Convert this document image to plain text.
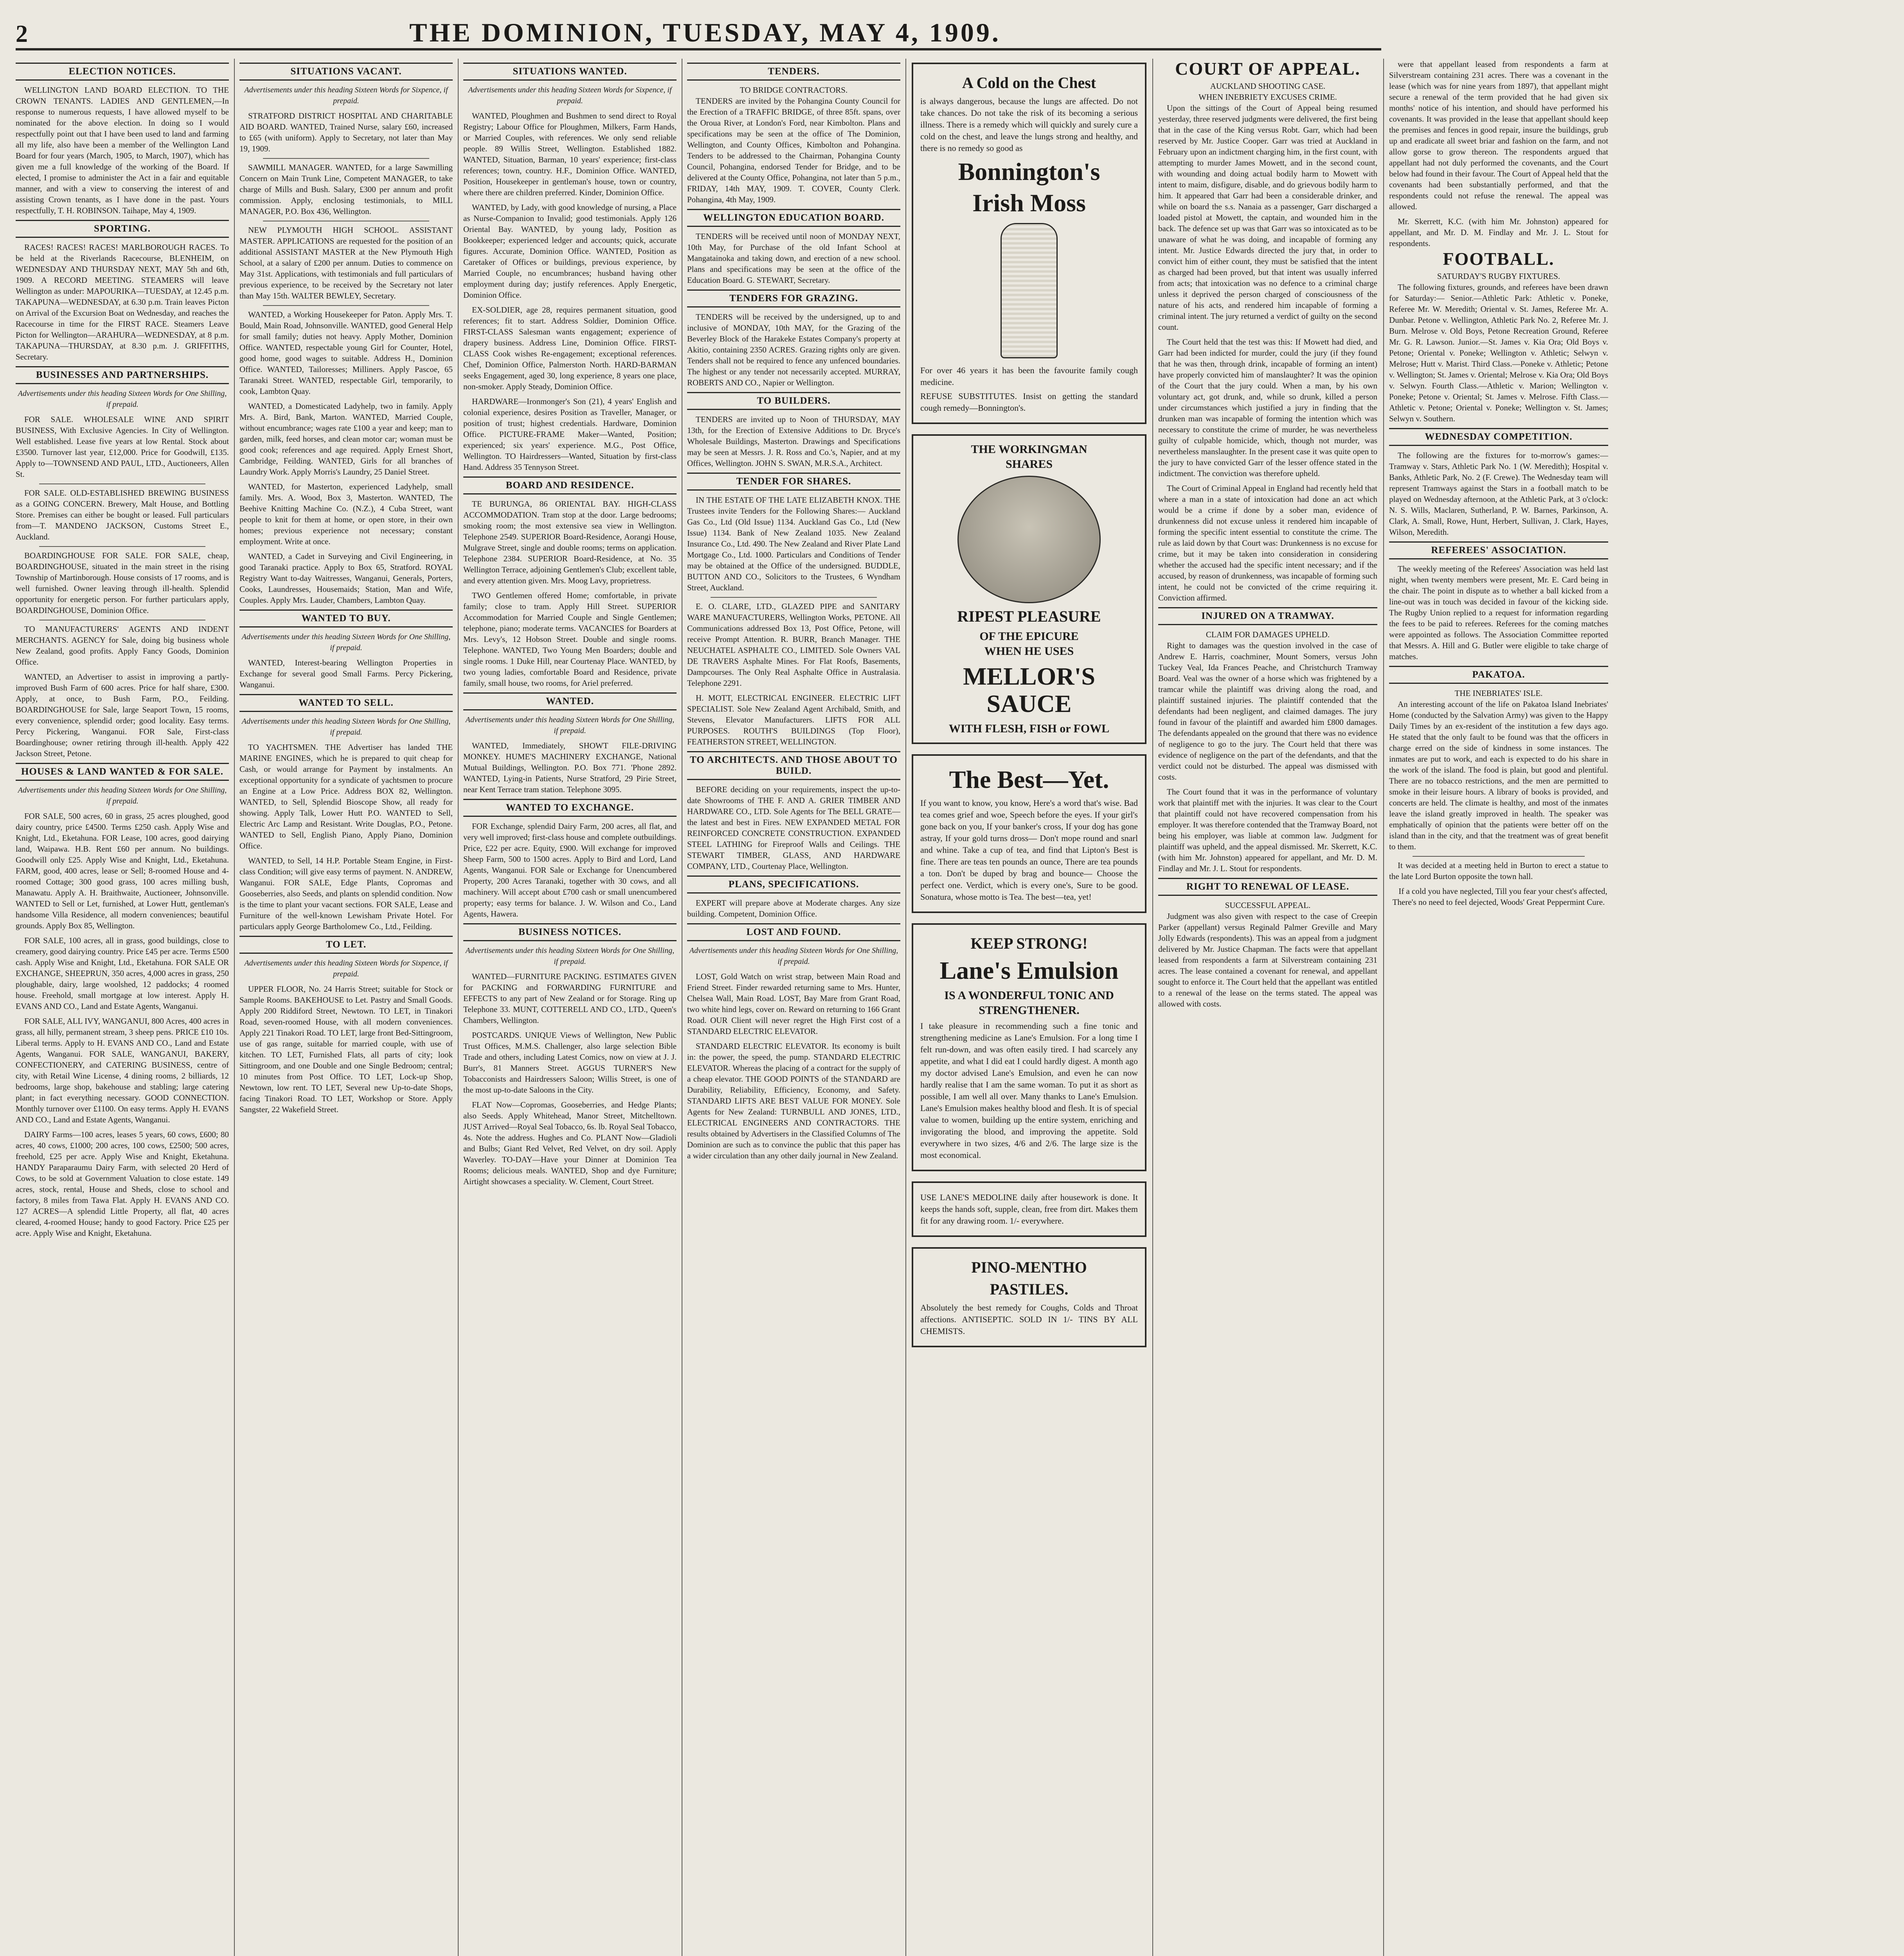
2	THE DOMINION, TUESDAY, MAY 4, 1909.
ELECTION NOTICES.

WELLINGTON LAND BOARD ELECTION. TO THE CROWN TENANTS. LADIES AND GENTLEMEN,—In response to numerous requests, I have allowed myself to be nominated for the above election. In doing so I would respectfully point out that I have been used to land and farming all my life, also have been a member of the Wellington Land Board for four years (March, 1905, to March, 1907), which has given me a full knowledge of the working of the Board. If elected, I promise to administer the Act in a fair and equitable manner, and with a view to conserving the interest of and assisting Crown tenants, as I have done in the past. Yours respectfully, T. H. ROBINSON. Taihape, May 4, 1909.

SPORTING.

RACES! RACES! RACES! MARLBOROUGH RACES. To be held at the Riverlands Racecourse, BLENHEIM, on WEDNESDAY AND THURSDAY NEXT, MAY 5th and 6th, 1909. A RECORD MEETING. STEAMERS will leave Wellington as under: MAPOURIKA—TUESDAY, at 12.45 p.m. TAKAPUNA—WEDNESDAY, at 6.30 p.m. Train leaves Picton on Arrival of the Excursion Boat on Wednesday, and reaches the Racecourse in time for the FIRST RACE. Steamers Leave Picton for Wellington—ARAHURA—WEDNESDAY, at 8 p.m. TAKAPUNA—THURSDAY, at 8.30 p.m. J. GRIFFITHS, Secretary.

BUSINESSES AND PARTNERSHIPS.
Advertisements under this heading Sixteen Words for One Shilling, if prepaid.

FOR SALE. WHOLESALE WINE AND SPIRIT BUSINESS, With Exclusive Agencies. In City of Wellington. Well established. Lease five years at low Rental. Stock about £3500. Turnover last year, £12,000. Price for Goodwill, £135. Apply to—TOWNSEND AND PAUL, LTD., Auctioneers, Allen St.

FOR SALE. OLD-ESTABLISHED BREWING BUSINESS as a GOING CONCERN. Brewery, Malt House, and Bottling Store. Premises can either be bought or leased. Full particulars from—T. MANDENO JACKSON, Customs Street E., Auckland.

BOARDINGHOUSE FOR SALE. FOR SALE, cheap, BOARDINGHOUSE, situated in the main street in the rising Township of Martinborough. House consists of 17 rooms, and is well furnished. Owner leaving through ill-health. Splendid opportunity for energetic person. For further particulars apply, BOARDINGHOUSE, Dominion Office.

TO MANUFACTURERS' AGENTS AND INDENT MERCHANTS. AGENCY for Sale, doing big business whole New Zealand, good profits. Apply Fancy Goods, Dominion Office.

WANTED, an Advertiser to assist in improving a partly-improved Bush Farm of 600 acres. Price for half share, £300. Apply, at once, to Bush Farm, P.O., Feilding. BOARDINGHOUSE for Sale, large Seaport Town, 15 rooms, every convenience, splendid order; good locality. Easy terms. Percy Pickering, Wanganui. FOR Sale, First-class Boardinghouse; owner retiring through ill-health. Apply 422 Jackson Street, Petone.

HOUSES & LAND WANTED & FOR SALE.
Advertisements under this heading Sixteen Words for One Shilling, if prepaid.

FOR SALE, 500 acres, 60 in grass, 25 acres ploughed, good dairy country, price £4500. Terms £250 cash. Apply Wise and Knight, Ltd., Eketahuna. FOR Lease, 100 acres, good dairying land, Waipawa. H.B. Rent £60 per annum. No buildings. Goodwill only £25. Apply Wise and Knight, Ltd., Eketahuna. FARM, good, 400 acres, lease or Sell; 8-roomed House and 4-roomed Cottage; 300 good grass, 100 acres milling bush, Manawatu. Apply A. H. Braithwaite, Auctioneer, Johnsonville. WANTED to Sell or Let, furnished, at Lower Hutt, gentleman's handsome Villa Residence, all modern conveniences; beautiful grounds. Apply Box 85, Wellington.

FOR SALE, 100 acres, all in grass, good buildings, close to creamery, good dairying country. Price £45 per acre. Terms £500 cash. Apply Wise and Knight, Ltd., Eketahuna. FOR SALE OR EXCHANGE, SHEEPRUN, 350 acres, 4,000 acres in grass, 250 ploughable, dairy, large woolshed, 12 paddocks; 4 roomed house. Freehold, small mortgage at low interest. Apply H. EVANS AND CO., Land and Estate Agents, Wanganui.

FOR SALE, ALL IVY, WANGANUI, 800 Acres, 400 acres in grass, all hilly, permanent stream, 3 sheep pens. PRICE £10 10s. Liberal terms. Apply to H. EVANS AND CO., Land and Estate Agents, Wanganui. FOR SALE, WANGANUI, BAKERY, CONFECTIONERY, and CATERING BUSINESS, centre of city, with Retail Wine License, 4 dining rooms, 2 billiards, 12 bedrooms, large shop, bakehouse and stabling; large catering plant; in fact everything necessary. GOOD CONNECTION. Monthly turnover over £1100. On easy terms. Apply H. EVANS AND CO., Land and Estate Agents, Wanganui.

DAIRY Farms—100 acres, leases 5 years, 60 cows, £600; 80 acres, 40 cows, £1000; 200 acres, 100 cows, £2500; 500 acres, freehold, £25 per acre. Apply Wise and Knight, Eketahuna. HANDY Paraparaumu Dairy Farm, with selected 20 Herd of Cows, to be sold at Government Valuation to close estate. 149 acres, stock, rental, House and Sheds, close to school and factory, 8 miles from Tawa Flat. Apply H. EVANS AND CO. 127 ACRES—A splendid Little Property, all flat, 40 acres cleared, 4-roomed House; handy to good Factory. Price £25 per acre. Apply Wise and Knight, Eketahuna.

SITUATIONS VACANT.
Advertisements under this heading Sixteen Words for Sixpence, if prepaid.

STRATFORD DISTRICT HOSPITAL AND CHARITABLE AID BOARD. WANTED, Trained Nurse, salary £60, increased to £65 (with uniform). Apply to Secretary, not later than May 19, 1909.

SAWMILL MANAGER. WANTED, for a large Sawmilling Concern on Main Trunk Line, Competent MANAGER, to take charge of Mills and Bush. Salary, £300 per annum and profit commission. Apply, enclosing testimonials, to MILL MANAGER, P.O. Box 436, Wellington.

NEW PLYMOUTH HIGH SCHOOL. ASSISTANT MASTER. APPLICATIONS are requested for the position of an additional ASSISTANT MASTER at the New Plymouth High School, at a salary of £200 per annum. Duties to commence on May 31st. Applications, with testimonials and full particulars of previous experience, to be received by the Secretary not later than May 15th. WALTER BEWLEY, Secretary.

WANTED, a Working Housekeeper for Paton. Apply Mrs. T. Bould, Main Road, Johnsonville. WANTED, good General Help for small family; duties not heavy. Apply Mother, Dominion Office. WANTED, respectable young Girl for Counter, Hotel, good home, good wages to suitable. Address H., Dominion Office. WANTED, Tailoresses; Milliners. Apply Pascoe, 65 Taranaki Street. WANTED, respectable Girl, temporarily, to cook, Lambton Quay.

WANTED, a Domesticated Ladyhelp, two in family. Apply Mrs. A. Bird, Bank, Marton. WANTED, Married Couple, without encumbrance; wages rate £100 a year and keep; man to garden, milk, feed horses, and clean motor car; woman must be good cook; references and age required. Apply Ernest Short, Cambridge, Feilding. WANTED, Girls for all branches of Laundry Work. Apply Morris's Laundry, 25 Daniel Street.

WANTED, for Masterton, experienced Ladyhelp, small family. Mrs. A. Wood, Box 3, Masterton. WANTED, The Beehive Knitting Machine Co. (N.Z.), 4 Cuba Street, want people to knit for them at home, or open store, in their own homes; previous experience not necessary; constant employment. Write at once.

WANTED, a Cadet in Surveying and Civil Engineering, in good Taranaki practice. Apply to Box 65, Stratford. ROYAL Registry Want to-day Waitresses, Wanganui, Generals, Porters, Cooks, Laundresses, Housemaids; Station, Man and Wife, Couples. Apply Mrs. Lauder, Chambers, Lambton Quay.

WANTED TO BUY.
Advertisements under this heading Sixteen Words for One Shilling, if prepaid.

WANTED, Interest-bearing Wellington Properties in Exchange for several good Small Farms. Percy Pickering, Wanganui.

WANTED TO SELL.
Advertisements under this heading Sixteen Words for One Shilling, if prepaid.

TO YACHTSMEN. THE Advertiser has landed THE MARINE ENGINES, which he is prepared to quit cheap for Cash, or would arrange for Payment by instalments. An exceptional opportunity for a syndicate of yachtsmen to procure an Engine at a Low Price. Address BOX 82, Wellington. WANTED, to Sell, Splendid Bioscope Show, all ready for showing. Apply Talk, Lower Hutt P.O. WANTED to Sell, Electric Arc Lamp and Resistant. Write Douglas, P.O., Petone. WANTED to Sell, English Piano, Apply Piano, Dominion Office.

WANTED, to Sell, 14 H.P. Portable Steam Engine, in First-class Condition; will give easy terms of payment. N. ANDREW, Wanganui. FOR SALE, Edge Plants, Copromas and Gooseberries, also Seeds, and plants on splendid condition. Now is the time to plant your vacant sections. FOR SALE, Lease and Furniture of the well-known Lewisham Private Hotel. For particulars apply George Bartholomew Co., Ltd., Feilding.

TO LET.
Advertisements under this heading Sixteen Words for Sixpence, if prepaid.

UPPER FLOOR, No. 24 Harris Street; suitable for Stock or Sample Rooms. BAKEHOUSE to Let. Pastry and Small Goods. Apply 200 Riddiford Street, Newtown. TO LET, in Tinakori Road, seven-roomed House, with all modern conveniences. Apply 221 Tinakori Road. TO LET, large front Bed-Sittingroom, use of gas range, suitable for married couple, with use of kitchen. TO LET, Furnished Flats, all parts of city; look Sittingroom, and one Double and one Single Bedroom; central; 10 minutes from Post Office. TO LET, Lock-up Shop, Newtown, low rent. TO LET, Several new Up-to-date Shops, facing Tinakori Road. TO LET, Workshop or Store. Apply Sangster, 22 Wakefield Street.

SITUATIONS WANTED.
Advertisements under this heading Sixteen Words for Sixpence, if prepaid.

WANTED, Ploughmen and Bushmen to send direct to Royal Registry; Labour Office for Ploughmen, Milkers, Farm Hands, or Married Couples, with references. We only send reliable people. 89 Willis Street, Wellington. Established 1882. WANTED, Situation, Barman, 10 years' experience; first-class references; town, country. H.F., Dominion Office. WANTED, Position, Housekeeper in gentleman's house, town or country, where there are children preferred. Kinder, Dominion Office.

WANTED, by Lady, with good knowledge of nursing, a Place as Nurse-Companion to Invalid; good testimonials. Apply 126 Oriental Bay. WANTED, by young lady, Position as Bookkeeper; experienced ledger and accounts; quick, accurate figures. Accurate, Dominion Office. WANTED, Position as Caretaker of Offices or buildings, previous experience, by Married Couple, no encumbrances; husband having other employment during day; justify references. Apply Energetic, Dominion Office.

EX-SOLDIER, age 28, requires permanent situation, good references; fit to start. Address Soldier, Dominion Office. FIRST-CLASS Salesman wants engagement; experience of drapery business. Address Line, Dominion Office. FIRST-CLASS Cook wishes Re-engagement; exceptional references. Chef, Dominion Office, Palmerston North. HARD-BARMAN seeks Engagement, aged 30, long experience, 8 years one place, non-smoker. Apply Steady, Dominion Office.

HARDWARE—Ironmonger's Son (21), 4 years' English and colonial experience, desires Position as Traveller, Manager, or position of trust; highest credentials. Hardware, Dominion Office. PICTURE-FRAME Maker—Wanted, Position; experienced; six years' experience. M.G., Post Office, Wellington. TO Hairdressers—Wanted, Situation by first-class Hand. Address 35 Tennyson Street.

BOARD AND RESIDENCE.

TE BURUNGA, 86 ORIENTAL BAY. HIGH-CLASS ACCOMMODATION. Tram stop at the door. Large bedrooms; smoking room; the most extensive sea view in Wellington. Telephone 2549. SUPERIOR Board-Residence, Aorangi House, Mulgrave Street, single and double rooms; terms on application. Telephone 2384. SUPERIOR Board-Residence, at No. 35 Wellington Terrace, adjoining Gentlemen's Club; excellent table, and every attention given. Mrs. Moog Lavy, proprietress.

TWO Gentlemen offered Home; comfortable, in private family; close to tram. Apply Hill Street. SUPERIOR Accommodation for Married Couple and Single Gentlemen; telephone, piano; moderate terms. VACANCIES for Boarders at Mrs. Levy's, 12 Hobson Street. Double and single rooms. Telephone. WANTED, Two Young Men Boarders; double and single rooms. 1 Duke Hill, near Courtenay Place. WANTED, by two young ladies, comfortable Board and Residence, private family, small house, two rooms, for Ariel preferred.

WANTED.
Advertisements under this heading Sixteen Words for One Shilling, if prepaid.

WANTED, Immediately, SHOWT FILE-DRIVING MONKEY. HUME'S MACHINERY EXCHANGE, National Mutual Buildings, Wellington. P.O. Box 771. 'Phone 2892. WANTED, Lying-in Patients, Nurse Stratford, 29 Pirie Street, near Kent Terrace tram station. Telephone 3095.

WANTED TO EXCHANGE.

FOR Exchange, splendid Dairy Farm, 200 acres, all flat, and very well improved; first-class house and complete outbuildings. Price, £22 per acre. Equity, £900. Will exchange for improved Sheep Farm, 500 to 1500 acres. Apply to Bird and Lord, Land Agents, Wanganui. FOR Sale or Exchange for Unencumbered Property, 200 Acres Taranaki, together with 30 cows, and all machinery. Will accept about £700 cash or small unencumbered property; easy terms for balance. J. W. Wilson and Co., Land Agents, Hawera.

BUSINESS NOTICES.
Advertisements under this heading Sixteen Words for One Shilling, if prepaid.

WANTED—FURNITURE PACKING. ESTIMATES GIVEN for PACKING and FORWARDING FURNITURE and EFFECTS to any part of New Zealand or for Storage. Ring up Telephone 33. MUNT, COTTERELL AND CO., LTD., Queen's Chambers, Wellington.

POSTCARDS. UNIQUE Views of Wellington, New Public Trust Offices, M.M.S. Challenger, also large selection Bible Trade and others, including Latest Comics, now on view at J. J. Burr's, 81 Manners Street. AGGUS TURNER'S New Tobacconists and Hairdressers Saloon; Willis Street, is one of the most up-to-date Saloons in the City.

FLAT Now—Copromas, Gooseberries, and Hedge Plants; also Seeds. Apply Whitehead, Manor Street, Mitchelltown. JUST Arrived—Royal Seal Tobacco, 6s. lb. Royal Seal Tobacco, 4s. Note the address. Hughes and Co. PLANT Now—Gladioli and Bulbs; Giant Red Velvet, Red Velvet, on dry soil. Apply Waverley. TO-DAY—Have your Dinner at Dominion Tea Rooms; delicious meals. WANTED, Shop and dye Furniture; Airtight showcases a speciality. W. Clement, Court Street.

TENDERS.
TO BRIDGE CONTRACTORS.

TENDERS are invited by the Pohangina County Council for the Erection of a TRAFFIC BRIDGE, of three 85ft. spans, over the Oroua River, at London's Ford, near Kimbolton. Plans and specifications may be seen at the office of The Dominion, Wellington, and County Offices, Kimbolton and Pohangina. Tenders to be addressed to the Chairman, Pohangina County Council, Pohangina, endorsed Tender for Bridge, and to be delivered at the County Office, Pohangina, not later than 5 p.m., FRIDAY, 14th MAY, 1909. T. COVER, County Clerk. Pohangina, 4th May, 1909.

WELLINGTON EDUCATION BOARD.

TENDERS will be received until noon of MONDAY NEXT, 10th May, for Purchase of the old Infant School at Mangatainoka and taking down, and erection of a new school. Plans and specifications may be seen at the office of the Education Board. G. STEWART, Secretary.

TENDERS FOR GRAZING.

TENDERS will be received by the undersigned, up to and inclusive of MONDAY, 10th MAY, for the Grazing of the Beverley Block of the Harakeke Estates Company's property at Akitio, containing 2350 ACRES. Grazing rights only are given. Tenders shall not be required to fence any unfenced boundaries. The highest or any tender not necessarily accepted. MURRAY, ROBERTS AND CO., Napier or Wellington.

TO BUILDERS.

TENDERS are invited up to Noon of THURSDAY, MAY 13th, for the Erection of Extensive Additions to Dr. Bryce's Wholesale Buildings, Masterton. Drawings and Specifications may be seen at Messrs. J. R. Ross and Co.'s, Napier, and at my Offices, Wellington. JOHN S. SWAN, M.R.S.A., Architect.

TENDER FOR SHARES.

IN THE ESTATE OF THE LATE ELIZABETH KNOX. THE Trustees invite Tenders for the Following Shares:— Auckland Gas Co., Ltd (Old Issue) 1134. Auckland Gas Co., Ltd (New Issue) 1134. Bank of New Zealand 1035. New Zealand Insurance Co., Ltd. 490. The New Zealand and River Plate Land Mortgage Co., Ltd. 1000. Particulars and Conditions of Tender may be obtained at the Office of the undersigned. BUDDLE, BUTTON AND CO., Solicitors to the Trustees, 6 Wyndham Street, Auckland.

E. O. CLARE, LTD., GLAZED PIPE and SANITARY WARE MANUFACTURERS, Wellington Works, PETONE. All Communications addressed Box 13, Post Office, Petone, will receive Prompt Attention. R. BURR, Branch Manager. THE NEUCHATEL ASPHALTE CO., LIMITED. Sole Owners VAL DE TRAVERS Asphalte Mines. For Flat Roofs, Basements, Dampcourses. The Only Real Asphalte Office in Australasia. Telephone 2291.

H. MOTT, ELECTRICAL ENGINEER. ELECTRIC LIFT SPECIALIST. Sole New Zealand Agent Archibald, Smith, and Stevens, Elevator Manufacturers. LIFTS FOR ALL PURPOSES. ROUTH'S BUILDINGS (Top Floor), FEATHERSTON STREET, WELLINGTON.

TO ARCHITECTS. AND THOSE ABOUT TO BUILD.

BEFORE deciding on your requirements, inspect the up-to-date Showrooms of THE F. AND A. GRIER TIMBER AND HARDWARE CO., LTD. Sole Agents for The BELL GRATE—the latest and best in Fires. NEW EXPANDED METAL FOR REINFORCED CONCRETE CONSTRUCTION. EXPANDED STEEL LATHING for Fireproof Walls and Ceilings. THE STEWART TIMBER, GLASS, AND HARDWARE COMPANY, LTD., Courtenay Place, Wellington.

PLANS, SPECIFICATIONS.

EXPERT will prepare above at Moderate charges. Any size building. Competent, Dominion Office.

LOST AND FOUND.
Advertisements under this heading Sixteen Words for One Shilling, if prepaid.

LOST, Gold Watch on wrist strap, between Main Road and Friend Street. Finder rewarded returning same to Mrs. Hunter, Chelsea Wall, Main Road. LOST, Bay Mare from Grant Road, two white hind legs, cover on. Reward on returning to 166 Grant Road. OUR Client will never regret the High First cost of a STANDARD ELECTRIC ELEVATOR.

STANDARD ELECTRIC ELEVATOR. Its economy is built in: the power, the speed, the pump. STANDARD ELECTRIC ELEVATOR. Whereas the placing of a contract for the supply of a cheap elevator. THE GOOD POINTS of the STANDARD are Durability, Reliability, Efficiency, Economy, and Safety. STANDARD LIFTS ARE BEST VALUE FOR MONEY. Sole Agents for New Zealand: TURNBULL AND JONES, LTD., ELECTRICAL ENGINEERS AND CONTRACTORS. THE results obtained by Advertisers in the Classified Columns of The Dominion are such as to convince the public that this paper has a wider circulation than any other daily journal in New Zealand.

A Cold on the Chest

is always dangerous, because the lungs are affected. Do not take chances. Do not take the risk of its becoming a serious illness. There is a remedy which will quickly and surely cure a cold on the chest, and leave the lungs strong and healthy, and there is no remedy so good as

Bonnington's
Irish Moss

For over 46 years it has been the favourite family cough medicine.

REFUSE SUBSTITUTES. Insist on getting the standard cough remedy—Bonnington's.

THE WORKINGMAN
SHARES
RIPEST PLEASURE
OF THE EPICURE
WHEN HE USES
MELLOR'S SAUCE
WITH FLESH, FISH or FOWL
The Best—Yet.

If you want to know, you know, Here's a word that's wise. Bad tea comes grief and woe, Speech before the eyes. If your girl's gone back on you, If your banker's cross, If your dog has gone astray, If your gold turns dross— Don't mope round and snarl and whine. Take a cup of tea, and find that Lipton's Best is fine. There are teas ten pounds an ounce, There are tea pounds a ton. Don't be duped by brag and bounce— Choose the perfect one. Verdict, which is every one's, Sure to be good. Sonatura, whose motto is Tea. The best—tea, yet!

KEEP STRONG!
Lane's Emulsion
IS A WONDERFUL TONIC AND STRENGTHENER.

I take pleasure in recommending such a fine tonic and strengthening medicine as Lane's Emulsion. For a long time I felt run-down, and was often easily tired. I had scarcely any appetite, and what I did eat I could hardly digest. A month ago my doctor advised Lane's Emulsion, and even he can now hardly realise that I am the same woman. To put it as short as possible, I am well all over. Many thanks to Lane's Emulsion. Lane's Emulsion makes healthy blood and flesh. It is of special value to women, building up the entire system, enriching and invigorating the blood, and improving the appetite. Sold everywhere in two sizes, 4/6 and 2/6. The large size is the most economical.

USE LANE'S MEDOLINE daily after housework is done. It keeps the hands soft, supple, clean, free from dirt. Makes them fit for any drawing room. 1/- everywhere.

PINO-MENTHO
PASTILES.

Absolutely the best remedy for Coughs, Colds and Throat affections. ANTISEPTIC. SOLD IN 1/- TINS BY ALL CHEMISTS.

COURT OF APPEAL.
AUCKLAND SHOOTING CASE.
WHEN INEBRIETY EXCUSES CRIME.

Upon the sittings of the Court of Appeal being resumed yesterday, three reserved judgments were delivered, the first being that in the case of the King versus Robt. Garr, which had been reserved by Mr. Justice Cooper. Garr was tried at Auckland in February upon an indictment charging him, in the first count, with attempting to murder James Mowett, and in the second count, with wounding and doing actual bodily harm to Mowett with intent to maim, disfigure, disable, and do grievous bodily harm to him. It appeared that Garr had been a considerable drinker, and while on board the s.s. Nanaia as a passenger, Garr discharged a loaded pistol at Mowett, the captain, and wounded him in the back. The defence set up was that Garr was so intoxicated as to be unaware of what he was doing, and incapable of forming any intent. Mr. Justice Edwards directed the jury that, in order to convict him of either count, they must be satisfied that the intent as charged had been proved, but that intent was usually inferred from acts; that intoxication was no defence to a criminal charge unless it deprived the person charged of consciousness of the nature of his acts, and rendered him incapable of forming a criminal intent. The jury returned a verdict of guilty on the second count.

The Court held that the test was this: If Mowett had died, and Garr had been indicted for murder, could the jury (if they found that he was then, through drink, incapable of forming an intent) have properly convicted him of manslaughter? It was the opinion of the Court that the jury could. When a man, by his own voluntary act, got drunk, and, while so drunk, killed a person under circumstances which justified a jury in finding that the drunken man was incapable of forming the intention which was necessary to constitute the crime of murder, he was nevertheless guilty of culpable homicide, which, though not murder, was nevertheless manslaughter. In the present case it was quite open to the jury to have convicted Garr of the lesser offence stated in the indictment. The conviction was therefore upheld.

The Court of Criminal Appeal in England had recently held that where a man in a state of intoxication had done an act which would be a crime if done by a sober man, evidence of drunkenness did not excuse unless it rendered him incapable of forming the specific intent essential to constitute the crime. The rule as laid down by that Court was: Drunkenness is no excuse for crime, but it may be taken into consideration in considering whether the accused had the specific intent necessary; and if the accused, by reason of drunkenness, was incapable of forming such intent, he could not be convicted of the crime requiring it. Conviction affirmed.

INJURED ON A TRAMWAY.
CLAIM FOR DAMAGES UPHELD.

Right to damages was the question involved in the case of Andrew E. Harris, coachminer, Mount Somers, versus John Tuckey Veal, Ida Frances Peache, and Christchurch Tramway Board. Veal was the owner of a horse which was frightened by a tramcar while the plaintiff was driving along the road, and plaintiff sustained injuries. The plaintiff contended that the defendants had been negligent, and claimed damages. The jury found in favour of the plaintiff and awarded him £800 damages. The defendants appealed on the ground that there was no evidence of negligence to go to the jury. The Court held that there was evidence of negligence on the part of the defendants, and that the verdict could not be disturbed. The appeal was dismissed with costs.

The Court found that it was in the performance of voluntary work that plaintiff met with the injuries. It was clear to the Court that plaintiff could not have recovered compensation from his employer. It was therefore contended that the Tramway Board, not being his employer, was liable at common law. Judgment for plaintiff was upheld, and the appeal dismissed. Mr. Skerrett, K.C. (with him Mr. Johnston) appeared for appellant, and Mr. D. M. Findlay and Mr. J. L. Stout for respondents.

RIGHT TO RENEWAL OF LEASE.
SUCCESSFUL APPEAL.

Judgment was also given with respect to the case of Creepin Parker (appellant) versus Reginald Palmer Greville and Mary Jolly Edwards (respondents). This was an appeal from a judgment delivered by Mr. Justice Chapman. The facts were that appellant leased from respondents a farm at Silverstream containing 231 acres. The lease contained a covenant for renewal, and appellant sought to enforce it. The Court held that the appellant was entitled to a renewal of the lease on the terms stated. The appeal was allowed with costs.

were that appellant leased from respondents a farm at Silverstream containing 231 acres. There was a covenant in the lease (which was for nine years from 1897), that appellant might secure a renewal of the term provided that he had given six months' notice of his intention, and should have performed his covenants. It was provided in the lease that appellant should keep the premises and fences in good repair, insure the buildings, grub up and eradicate all sweet briar and fashion on the farm, and not allow gorse to grow thereon. The respondents argued that appellant had not duly performed the covenants, and the Court below had found in their favour. The Court of Appeal held that the covenants had been substantially performed, and that the respondents could not refuse the renewal. The appeal was allowed.

Mr. Skerrett, K.C. (with him Mr. Johnston) appeared for appellant, and Mr. D. M. Findlay and Mr. J. L. Stout for respondents.

FOOTBALL.
SATURDAY'S RUGBY FIXTURES.

The following fixtures, grounds, and referees have been drawn for Saturday:— Senior.—Athletic Park: Athletic v. Poneke, Referee Mr. W. Meredith; Oriental v. St. James, Referee Mr. A. Dunbar. Petone v. Wellington, Athletic Park No. 2, Referee Mr. J. Burn. Melrose v. Old Boys, Petone Recreation Ground, Referee Mr. G. R. Lawson. Junior.—St. James v. Kia Ora; Old Boys v. Petone; Oriental v. Poneke; Wellington v. Athletic; Selwyn v. Melrose; Hutt v. Marist. Third Class.—Poneke v. Athletic; Petone v. Wellington; St. James v. Oriental; Melrose v. Kia Ora; Old Boys v. Selwyn. Fourth Class.—Athletic v. Marion; Wellington v. Poneke; Petone v. Oriental; St. James v. Melrose. Fifth Class.—Athletic v. Petone; Oriental v. Poneke; Wellington v. St. James; Selwyn v. Southern.

WEDNESDAY COMPETITION.

The following are the fixtures for to-morrow's games:—Tramway v. Stars, Athletic Park No. 1 (W. Meredith); Hospital v. Banks, Athletic Park, No. 2 (F. Crewe). The Wednesday team will represent Tramways against the Stars in a football match to be played on Wednesday afternoon, at the Athletic Park, at 3 o'clock: N. S. Wills, Maclaren, Sutherland, P. W. Barnes, Parkinson, A. Clark, A. Small, Rowe, Hunt, Herbert, Sullivan, J. Clark, Hayes, Wilson, Meredith.

REFEREES' ASSOCIATION.

The weekly meeting of the Referees' Association was held last night, when twenty members were present, Mr. E. Card being in the chair. The point in dispute as to whether a ball kicked from a line-out was in touch was decided in favour of the kicking side. The Rugby Union replied to a request for information regarding the fees to be paid to referees. Referees for the coming matches were appointed as follows. The Association Committee reported that Messrs. A. Hill and G. Butler were eligible to take charge of matches.

PAKATOA.
THE INEBRIATES' ISLE.

An interesting account of the life on Pakatoa Island Inebriates' Home (conducted by the Salvation Army) was given to the Happy Daily Times by an ex-resident of the institution a few days ago. He stated that the only fault to be found was that the officers in charge erred on the side of kindness in some instances. The inmates are put to work, and each is expected to do his share in the work of the island. The food is plain, but good and plentiful. There are no tobacco restrictions, and the men are permitted to smoke in their leisure hours. A library of books is provided, and concerts are held. The climate is healthy, and most of the inmates leave the island greatly improved in health. The speaker was emphatically of opinion that the patients were better off on the island than in the city, and that the treatment was of great benefit to them.

It was decided at a meeting held in Burton to erect a statue to the late Lord Burton opposite the town hall.

If a cold you have neglected, Till you fear your chest's affected, There's no need to feel dejected, Woods' Great Peppermint Cure.
